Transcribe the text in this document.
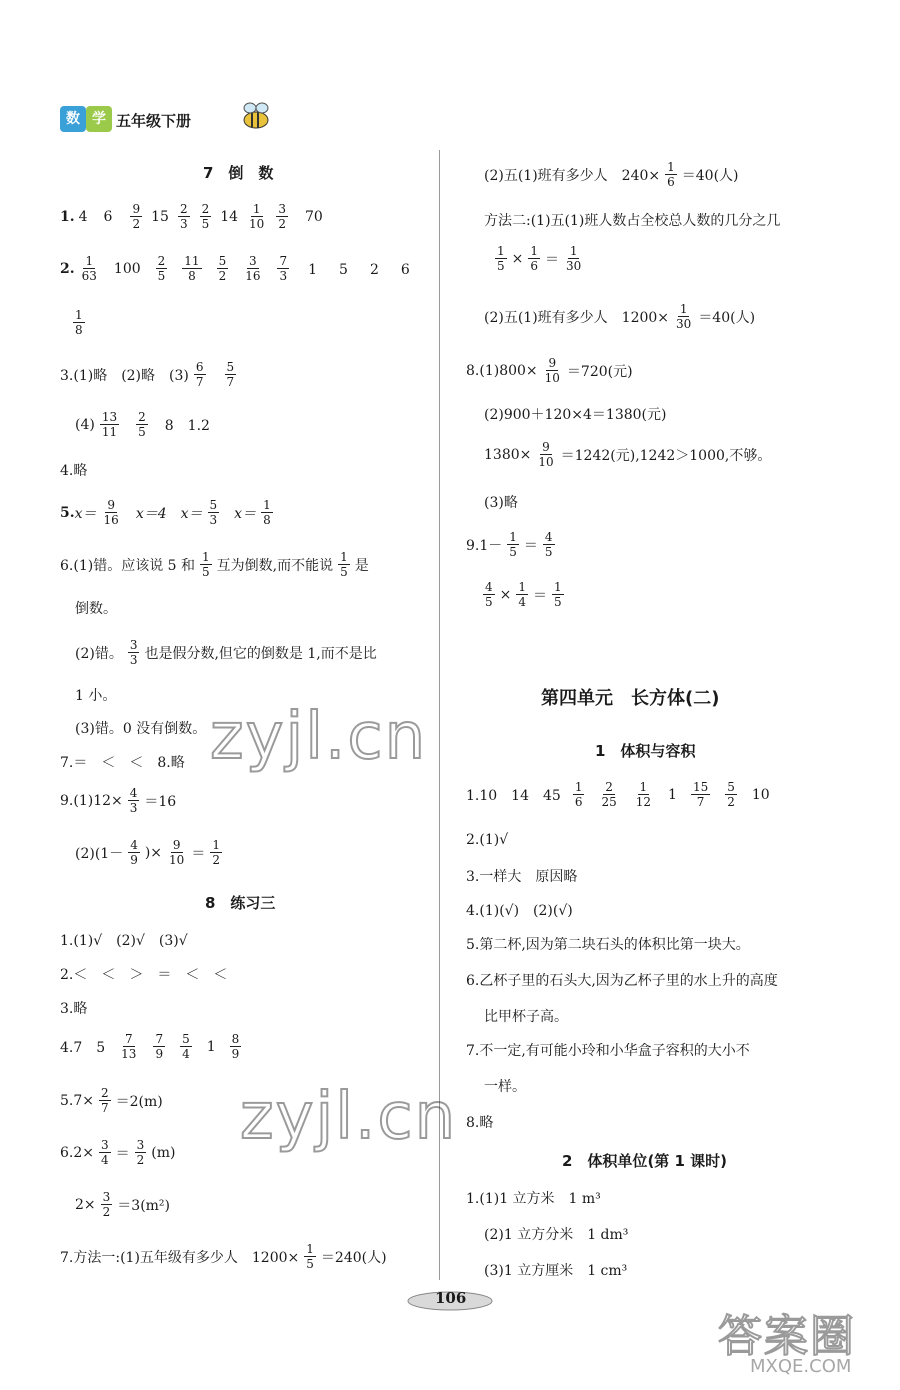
数 学 五年级下册
7　倒　数
1. 4 $6 \frac{9}{2} 15 \frac{2}{3} \frac{2}{5} 14 \frac{1}{10} \frac{3}{2} 70$
2. $\frac{1}{63} 100 \frac{2}{5} \frac{11}{8} \frac{5}{2} \frac{3}{16} \frac{7}{3} 1$　5　2　6
$\frac{1}{8}$
3.(1)略　(2)略　$(3) \frac{6}{7} \frac{5}{7}$
$(4) \frac{13}{11} \frac{2}{5} 8$　1.2
4.略
5. $x= \frac{9}{16} x=4$ $x= \frac{5}{3} x= \frac{1}{8}$
6.(1)错。应该说 5 和 $\frac{1}{5}$ 互为倒数,而不能说 $\frac{1}{5}$ 是
倒数。
(2)错。 $\frac{3}{3}$ 也是假分数,但它的倒数是 1,而不是比
1 小。
(3)错。0 没有倒数。
7.＝　＜　＜　8.略
$9.(1)12\times \frac{4}{3} =16$
$(2)(1- \frac{4}{9}$ )× $\frac{9}{10} = \frac{1}{2}$
8　练习三
1.(1)√　(2)√　(3)√
2.＜　＜　＞　＝　＜　＜
3.略
4.7　$5 \frac{7}{13} \frac{7}{9} \frac{5}{4} 1 \frac{8}{9}$
$5.7\times \frac{2}{7} =2(m)$
$6.2\times \frac{3}{4} = \frac{3}{2} (m)$
$2\times \frac{3}{2} =3(m^2)$
7.方法一:(1)五年级有多少人　$1200\times \frac{1}{5} =240$(人)
(2)五(1)班有多少人　$240\times \frac{1}{6} =40$(人)
方法二:(1)五(1)班人数占全校总人数的几分之几
$\frac{1}{5} \times \frac{1}{6} = \frac{1}{30}$
(2)五(1)班有多少人　$1200\times \frac{1}{30} =40$(人)
$8.(1)800\times \frac{9}{10} =720$(元)
(2)900＋120×4＝1380(元)
$1380\times \frac{9}{10} =1242$(元),1242＞1000,不够。
(3)略
$9.1- \frac{1}{5} = \frac{4}{5}$
$\frac{4}{5} \times \frac{1}{4} = \frac{1}{5}$
第四单元　长方体(二)
1　体积与容积
1.10　14　$45 \frac{1}{6} \frac{2}{25} \frac{1}{12} 1 \frac{15}{7} \frac{5}{2} 10$
2.(1)√
3.一样大　原因略
4.(1)(√)　(2)(√)
5.第二杯,因为第二块石头的体积比第一块大。
6.乙杯子里的石头大,因为乙杯子里的水上升的高度
比甲杯子高。
7.不一定,有可能小玲和小华盒子容积的大小不
一样。
8.略
2　体积单位(第 1 课时)
1.(1)1 立方米　1 m³
(2)1 立方分米　1 dm³
(3)1 立方厘米　1 cm³
106
zyjl.cn
zyjl.cn
答案圈
MXQE.COM
